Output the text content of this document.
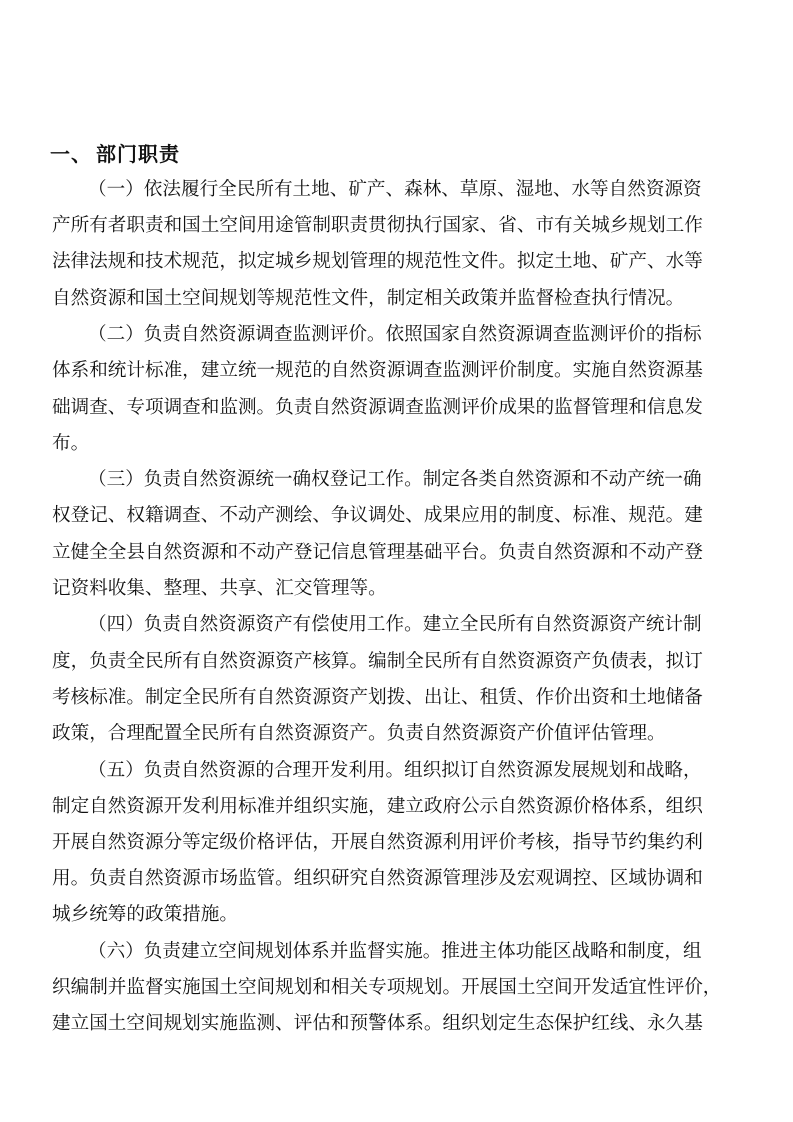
一、 部门职责
（一）依法履行全民所有土地、矿产、森林、草原、湿地、水等自然资源资
产所有者职责和国土空间用途管制职责贯彻执行国家、省、市有关城乡规划工作
法律法规和技术规范，拟定城乡规划管理的规范性文件。拟定土地、矿产、水等
自然资源和国土空间规划等规范性文件，制定相关政策并监督检查执行情况。
（二）负责自然资源调查监测评价。依照国家自然资源调查监测评价的指标
体系和统计标准，建立统一规范的自然资源调查监测评价制度。实施自然资源基
础调查、专项调查和监测。负责自然资源调查监测评价成果的监督管理和信息发
布。
（三）负责自然资源统一确权登记工作。制定各类自然资源和不动产统一确
权登记、权籍调查、不动产测绘、争议调处、成果应用的制度、标准、规范。建
立健全全县自然资源和不动产登记信息管理基础平台。负责自然资源和不动产登
记资料收集、整理、共享、汇交管理等。
（四）负责自然资源资产有偿使用工作。建立全民所有自然资源资产统计制
度，负责全民所有自然资源资产核算。编制全民所有自然资源资产负债表，拟订
考核标准。制定全民所有自然资源资产划拨、出让、租赁、作价出资和土地储备
政策，合理配置全民所有自然资源资产。负责自然资源资产价值评估管理。
（五）负责自然资源的合理开发利用。组织拟订自然资源发展规划和战略，
制定自然资源开发利用标准并组织实施，建立政府公示自然资源价格体系，组织
开展自然资源分等定级价格评估，开展自然资源利用评价考核，指导节约集约利
用。负责自然资源市场监管。组织研究自然资源管理涉及宏观调控、区域协调和
城乡统筹的政策措施。
（六）负责建立空间规划体系并监督实施。推进主体功能区战略和制度，组
织编制并监督实施国土空间规划和相关专项规划。开展国土空间开发适宜性评价，
建立国土空间规划实施监测、评估和预警体系。组织划定生态保护红线、永久基
